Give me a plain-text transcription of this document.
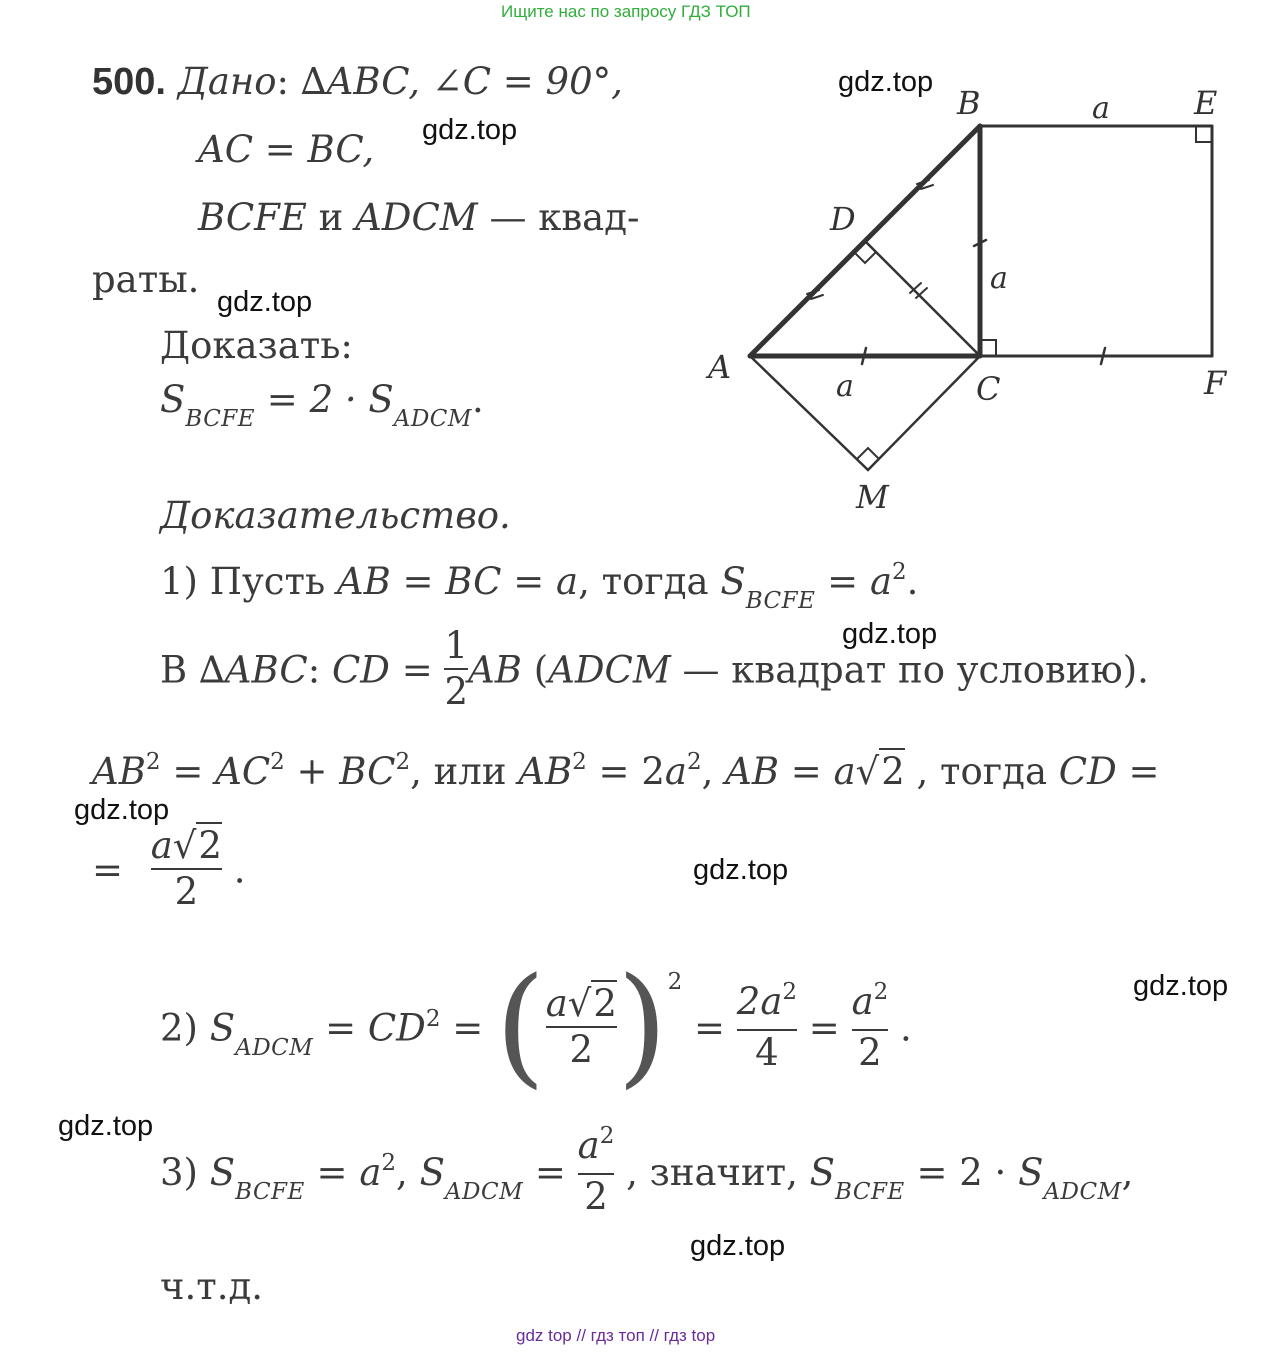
Ищите нас по запросу ГДЗ ТОП
gdz top // гдз топ // гдз top
500. Дано: ∆ABC, ∠C = 90°,
AC = BC,
BCFE и ADCM — квад-
раты.
Доказать:
$S_{BCFE} = 2 \cdot S_{ADCM}$.
A
B
C
D
E
F
M
a
a
a
Доказательство.
1) Пусть AB = BC = a, тогда $S_{BCFE} = a^2$.
В ∆ABC: CD = $\frac{1}{2}$ AB (ADCM — квадрат по условию).
$AB^2 = AC^2 + BC^2$, или $AB^2 = 2a^2$, AB = a√2 , тогда CD =
= $\frac{a√2}{2}$ .
2) $S_{ADCM} = CD^2$ = ( $\frac{a√2}{2} )^2 = \frac{2a^2}{4} = \frac{a^2}{2}$ .
3) $S_{BCFE} = a^2$, $S_{ADCM} = \frac{a^2}{2}$ , значит, $S_{BCFE} = 2 \cdot S_{ADCM}$,
ч.т.д.
gdz.top
gdz.top
gdz.top
gdz.top
gdz.top
gdz.top
gdz.top
gdz.top
gdz.top
